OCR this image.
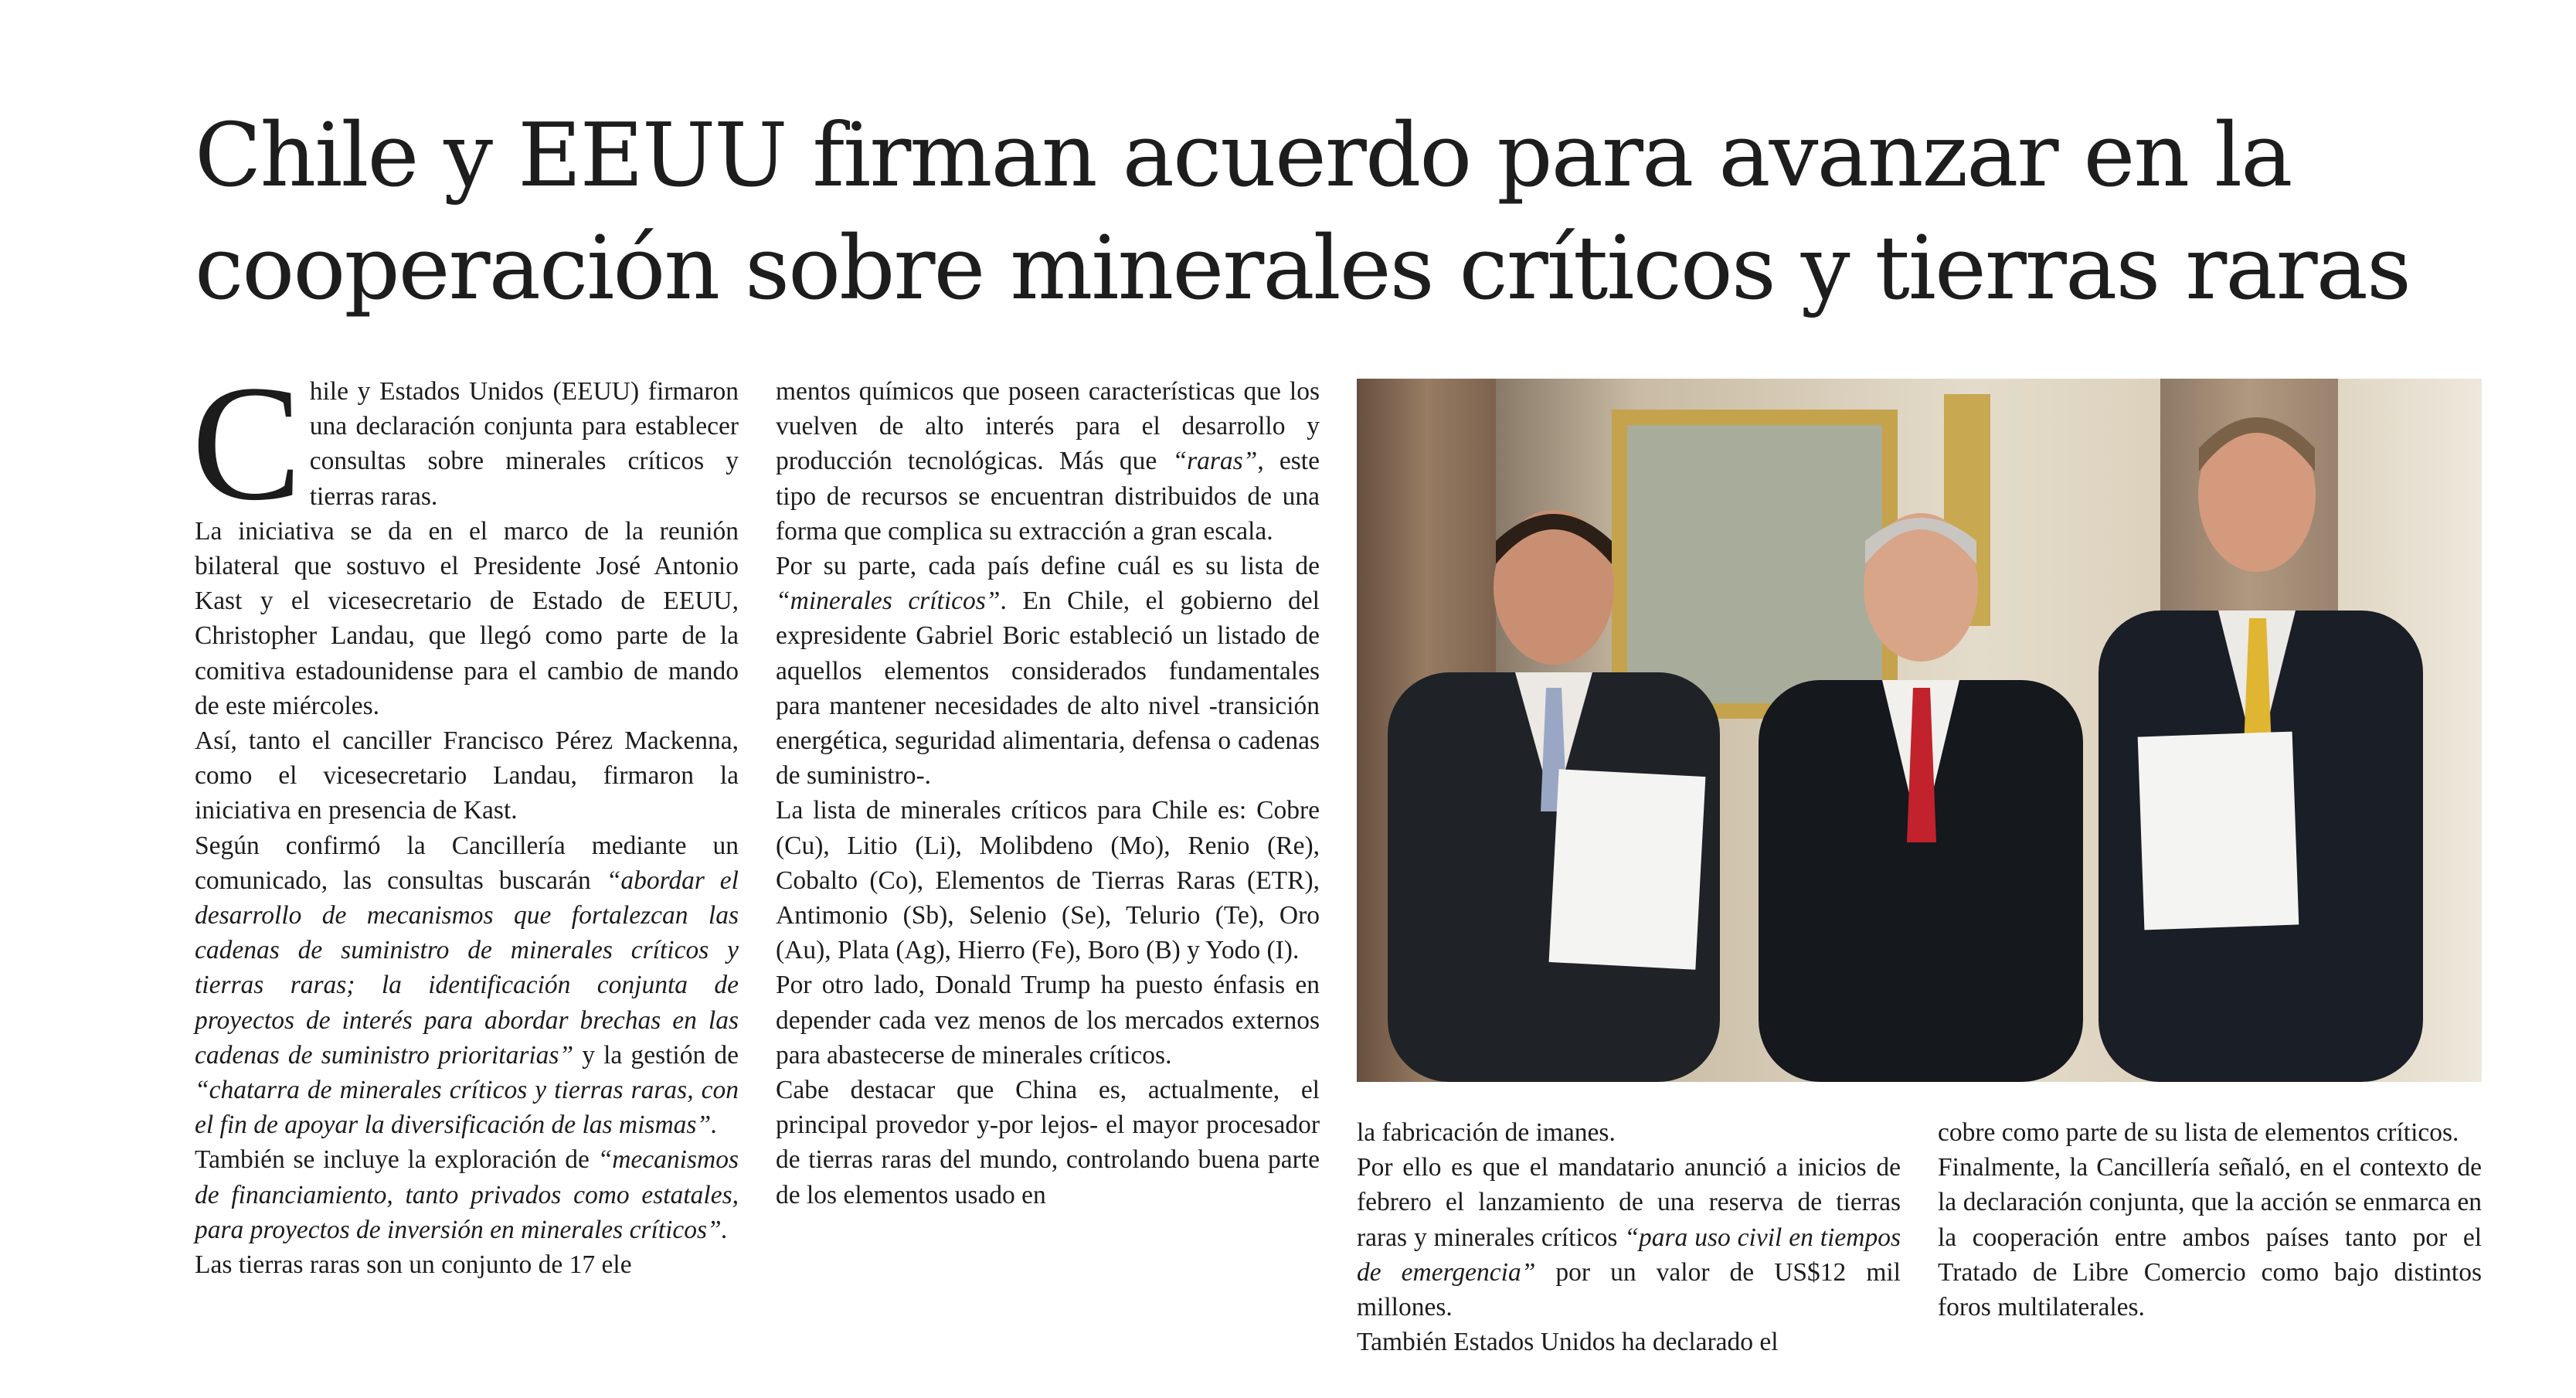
Chile y EEUU firman acuerdo para avanzar en la
cooperación sobre minerales críticos y tierras raras

Chile y Estados Unidos (EEUU) firmaron una declaración conjunta para establecer consultas sobre minerales críticos y tierras raras.

La iniciativa se da en el marco de la reunión bilateral que sostuvo el Presidente José Antonio Kast y el vicesecretario de Estado de EEUU, Christopher Landau, que llegó como parte de la comitiva estadounidense para el cambio de mando de este miércoles.

Así, tanto el canciller Francisco Pérez Mackenna, como el vicesecretario Landau, firmaron la iniciativa en presencia de Kast.

Según confirmó la Cancillería mediante un comunicado, las consultas buscarán “abordar el desarrollo de mecanismos que fortalezcan las cadenas de suministro de minerales críticos y tierras raras; la identificación conjunta de proyectos de interés para abordar brechas en las cadenas de suministro prioritarias” y la gestión de “chatarra de minerales críticos y tierras raras, con el fin de apoyar la diversificación de las mismas”.

También se incluye la exploración de “mecanismos de financiamiento, tanto privados como estatales, para proyectos de inversión en minerales críticos”.

Las tierras raras son un conjunto de 17 ele

mentos químicos que poseen características que los vuelven de alto interés para el desarrollo y producción tecnológicas. Más que “raras”, este tipo de recursos se encuentran distribuidos de una forma que complica su extracción a gran escala.

Por su parte, cada país define cuál es su lista de “minerales críticos”. En Chile, el gobierno del expresidente Gabriel Boric estableció un listado de aquellos elementos considerados fundamentales para mantener necesidades de alto nivel -transición energética, seguridad alimentaria, defensa o cadenas de suministro-.

La lista de minerales críticos para Chile es: Cobre (Cu), Litio (Li), Molibdeno (Mo), Renio (Re), Cobalto (Co), Elementos de Tierras Raras (ETR), Antimonio (Sb), Selenio (Se), Telurio (Te), Oro (Au), Plata (Ag), Hierro (Fe), Boro (B) y Yodo (I).

Por otro lado, Donald Trump ha puesto énfasis en depender cada vez menos de los mercados externos para abastecerse de minerales críticos.

Cabe destacar que China es, actualmente, el principal provedor y-por lejos- el mayor procesador de tierras raras del mundo, controlando buena parte de los elementos usado en

la fabricación de imanes.

Por ello es que el mandatario anunció a inicios de febrero el lanzamiento de una reserva de tierras raras y minerales críticos “para uso civil en tiempos de emergencia” por un valor de US$12 mil millones.

También Estados Unidos ha declarado el

cobre como parte de su lista de elementos críticos.

Finalmente, la Cancillería señaló, en el contexto de la declaración conjunta, que la acción se enmarca en la cooperación entre ambos países tanto por el Tratado de Libre Comercio como bajo distintos foros multilaterales.
